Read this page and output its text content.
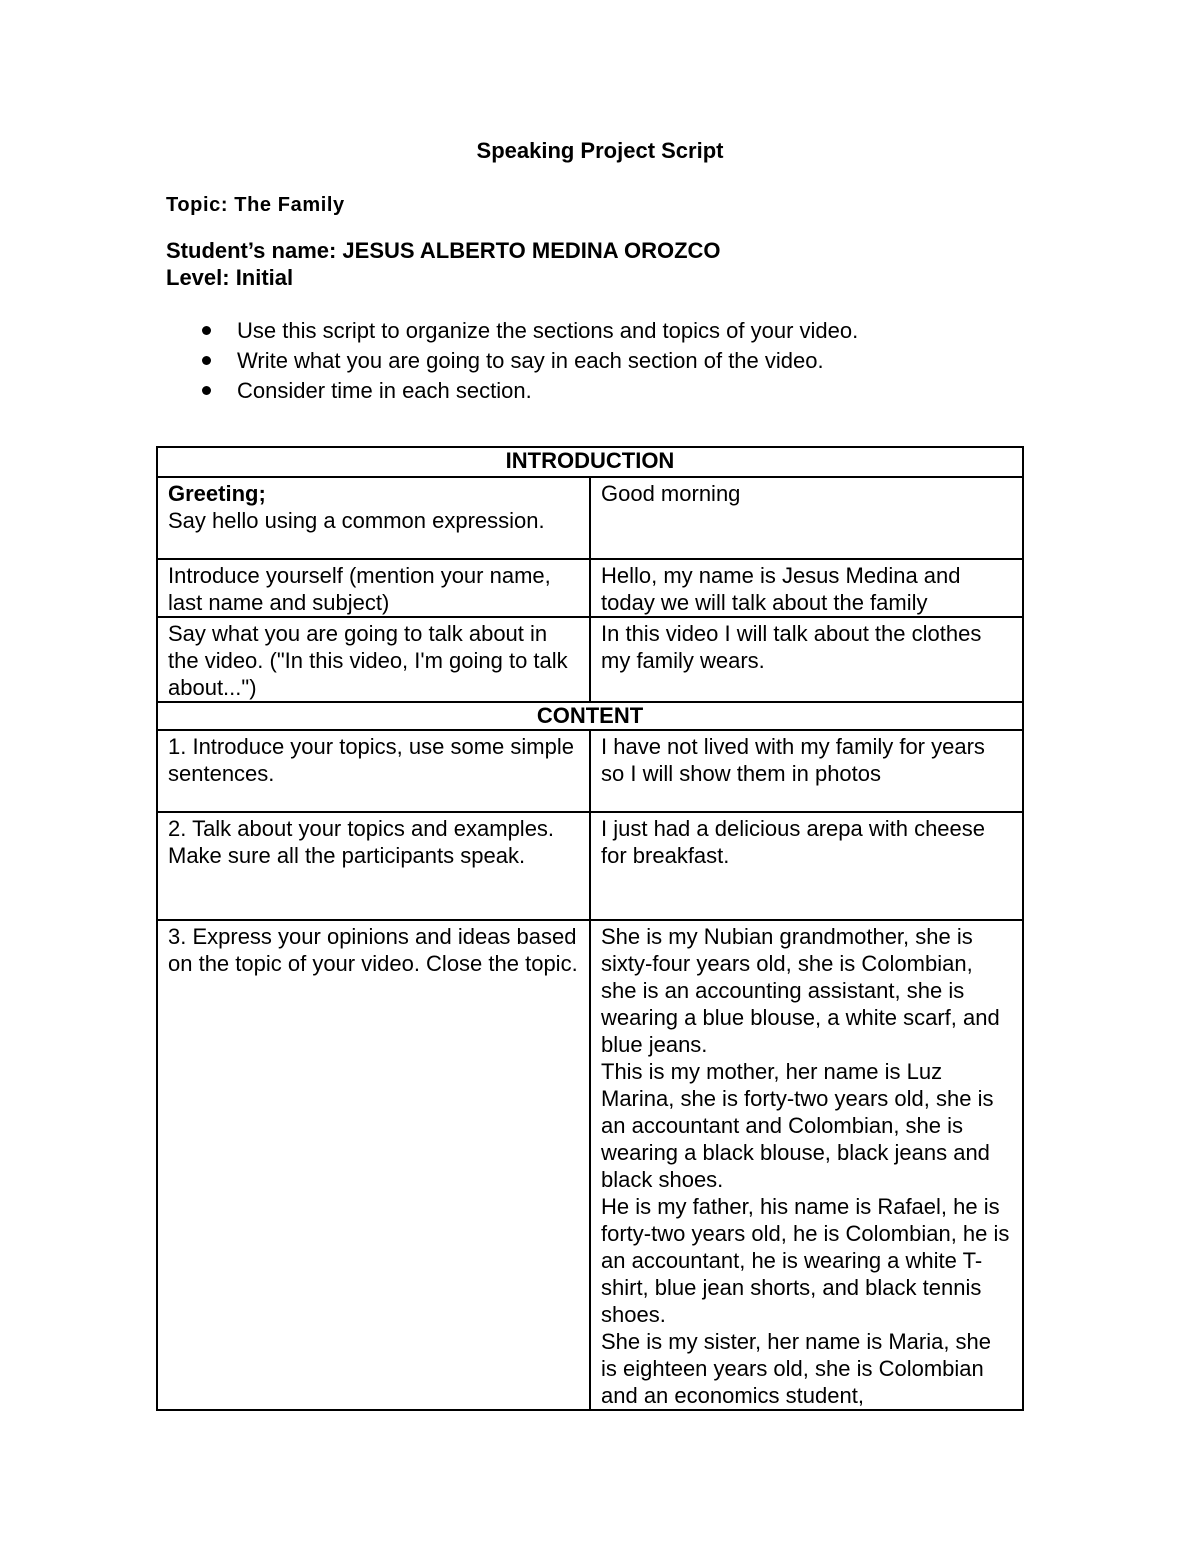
Speaking Project Script
Topic: The Family
Student’s name: JESUS ALBERTO MEDINA OROZCO
Level: Initial
Use this script to organize the sections and topics of your video.
Write what you are going to say in each section of the video.
Consider time in each section.
INTRODUCTION	

Greeting;
Say hello using a common expression.	Good morning
Introduce yourself (mention your name, last name and subject)	Hello, my name is Jesus Medina and today we will talk about the family
Say what you are going to talk about in the video. ("In this video, I'm going to talk about...")	In this video I will talk about the clothes my family wears.
CONTENT	
1. Introduce your topics, use some simple sentences.	I have not lived with my family for years so I will show them in photos
2. Talk about your topics and examples. Make sure all the participants speak.	I just had a delicious arepa with cheese for breakfast.
3. Express your opinions and ideas based on the topic of your video. Close the topic.	She is my Nubian grandmother, she is sixty-four years old, she is Colombian, she is an accounting assistant, she is wearing a blue blouse, a white scarf, and blue jeans.
This is my mother, her name is Luz Marina, she is forty-two years old, she is an accountant and Colombian, she is wearing a black blouse, black jeans and black shoes.
He is my father, his name is Rafael, he is forty-two years old, he is Colombian, he is an accountant, he is wearing a white T-shirt, blue jean shorts, and black tennis shoes.
She is my sister, her name is Maria, she is eighteen years old, she is Colombian and an economics student,
